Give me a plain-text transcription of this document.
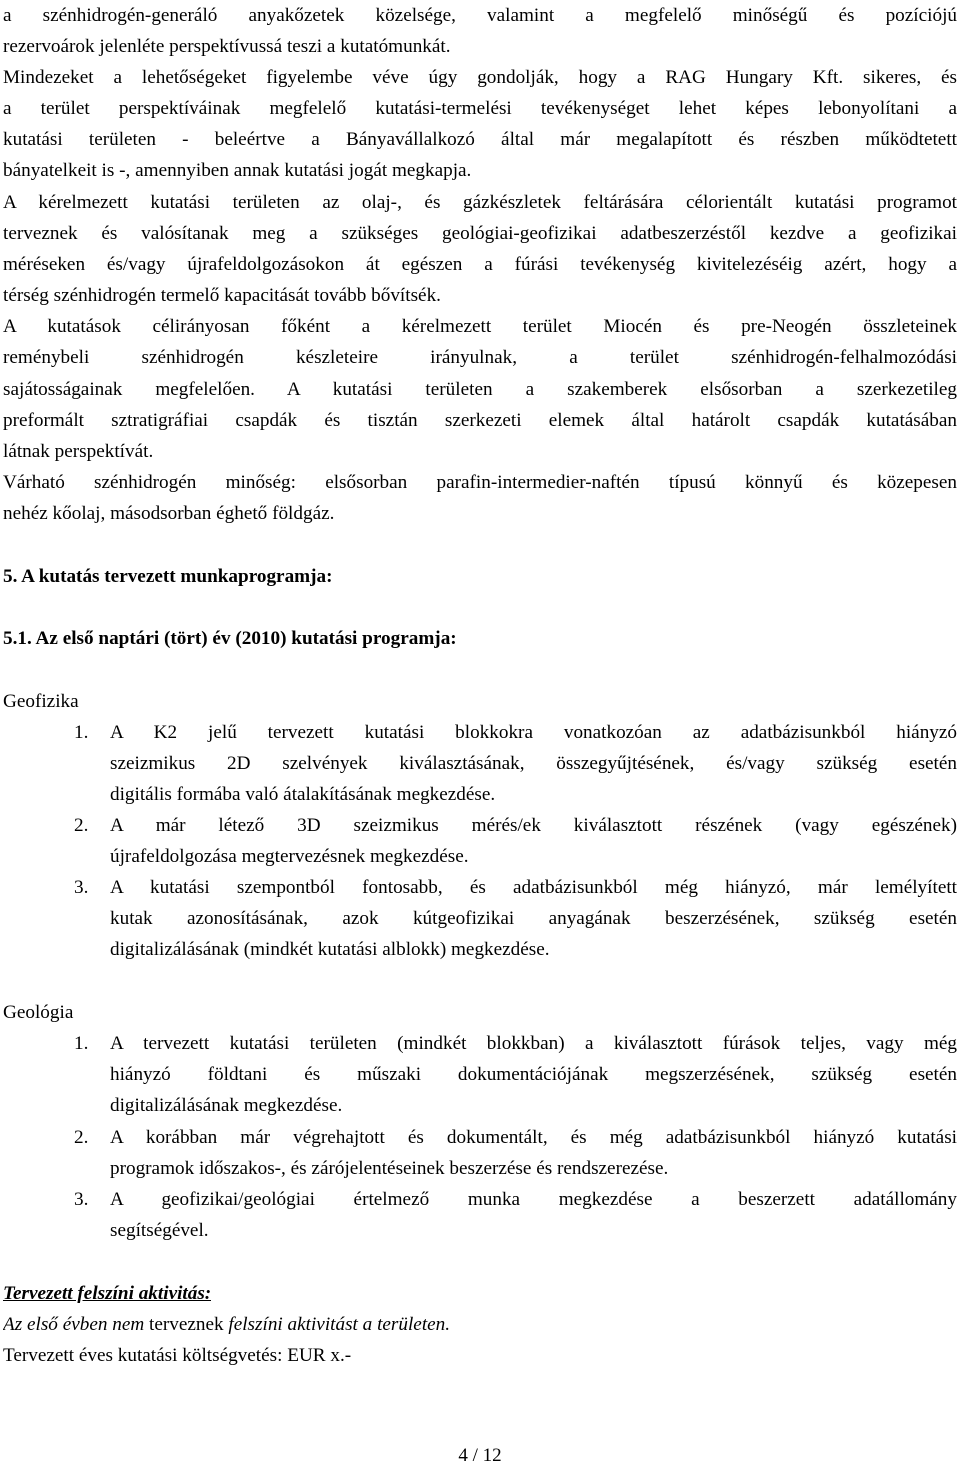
a szénhidrogén-generáló anyakőzetek közelsége, valamint a megfelelő minőségű és pozíciójú
rezervoárok jelenléte perspektívussá teszi a kutatómunkát.
Mindezeket a lehetőségeket figyelembe véve úgy gondolják, hogy a RAG Hungary Kft. sikeres, és
a terület perspektíváinak megfelelő kutatási-termelési tevékenységet lehet képes lebonyolítani a
kutatási területen - beleértve a Bányavállalkozó által már megalapított és részben működtetett
bányatelkeit is -, amennyiben annak kutatási jogát megkapja.
A kérelmezett kutatási területen az olaj-, és gázkészletek feltárására célorientált kutatási programot
terveznek és valósítanak meg a szükséges geológiai-geofizikai adatbeszerzéstől kezdve a geofizikai
méréseken és/vagy újrafeldolgozásokon át egészen a fúrási tevékenység kivitelezéséig azért, hogy a
térség szénhidrogén termelő kapacitását tovább bővítsék.
A kutatások célirányosan főként a kérelmezett terület Miocén és pre-Neogén összleteinek
reménybeli szénhidrogén készleteire irányulnak, a terület szénhidrogén-felhalmozódási
sajátosságainak megfelelően. A kutatási területen a szakemberek elsősorban a szerkezetileg
preformált sztratigráfiai csapdák és tisztán szerkezeti elemek által határolt csapdák kutatásában
látnak perspektívát.
Várható szénhidrogén minőség: elsősorban parafin-intermedier-naftén típusú könnyű és közepesen
nehéz kőolaj, másodsorban éghető földgáz.
5. A kutatás tervezett munkaprogramja:
5.1. Az első naptári (tört) év (2010) kutatási programja:
Geofizika
1.	A K2 jelű tervezett kutatási blokkokra vonatkozóan az adatbázisunkból hiányzó
szeizmikus 2D szelvények kiválasztásának, összegyűjtésének, és/vagy szükség esetén
digitális formába való átalakításának megkezdése.
2.	A már létező 3D szeizmikus mérés/ek kiválasztott részének (vagy egészének)
újrafeldolgozása megtervezésnek megkezdése.
3.	A kutatási szempontból fontosabb, és adatbázisunkból még hiányzó, már lemélyített
kutak azonosításának, azok kútgeofizikai anyagának beszerzésének, szükség esetén
digitalizálásának (mindkét kutatási alblokk) megkezdése.
Geológia
1.	A tervezett kutatási területen (mindkét blokkban) a kiválasztott fúrások teljes, vagy még
hiányzó földtani és műszaki dokumentációjának megszerzésének, szükség esetén
digitalizálásának megkezdése.
2.	A korábban már végrehajtott és dokumentált, és még adatbázisunkból hiányzó kutatási
programok időszakos-, és zárójelentéseinek beszerzése és rendszerezése.
3.	A geofizikai/geológiai értelmező munka megkezdése a beszerzett adatállomány
segítségével.
Tervezett felszíni aktivitás:
Az első évben nem terveznek felszíni aktivitást a területen.
Tervezett éves kutatási költségvetés: EUR x.-
4 / 12
